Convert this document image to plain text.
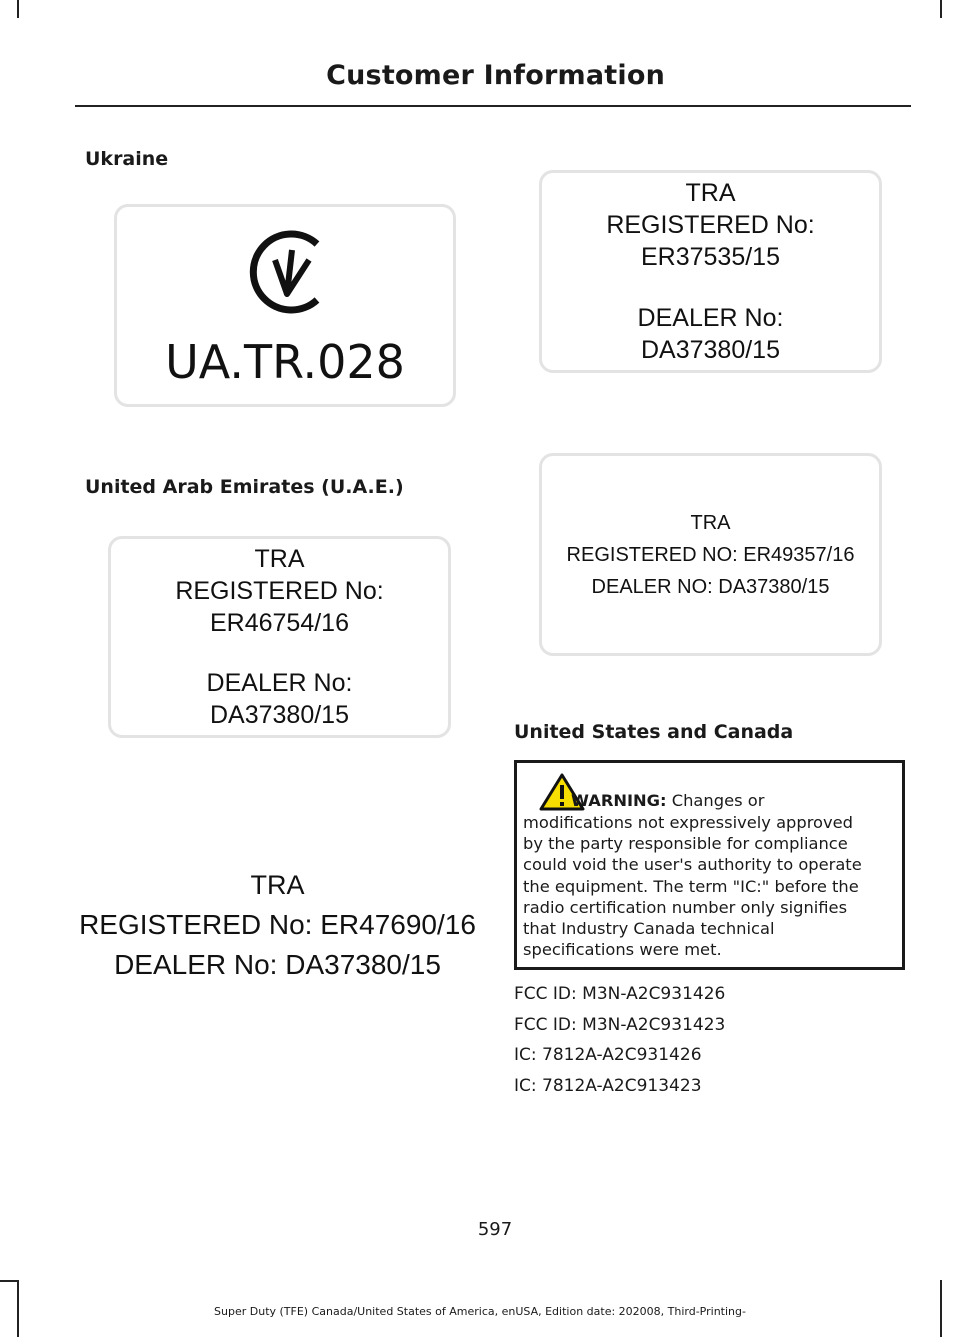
Customer Information
Ukraine
UA.TR.028
United Arab Emirates (U.A.E.)
TRA
REGISTERED No:
ER46754/16
DEALER No:
DA37380/15
TRA
REGISTERED No: ER47690/16
DEALER No: DA37380/15
TRA
REGISTERED No:
ER37535/15
DEALER No:
DA37380/15
TRA
REGISTERED NO: ER49357/16
DEALER NO: DA37380/15
United States and Canada
WARNING: Changes or
modifications not expressively approved
by the party responsible for compliance
could void the user's authority to operate
the equipment. The term "IC:" before the
radio certification number only signifies
that Industry Canada technical
specifications were met.
FCC ID: M3N-A2C931426
FCC ID: M3N-A2C931423
IC: 7812A-A2C931426
IC: 7812A-A2C913423
597
Super Duty (TFE) Canada/United States of America, enUSA, Edition date: 202008, Third-Printing-
